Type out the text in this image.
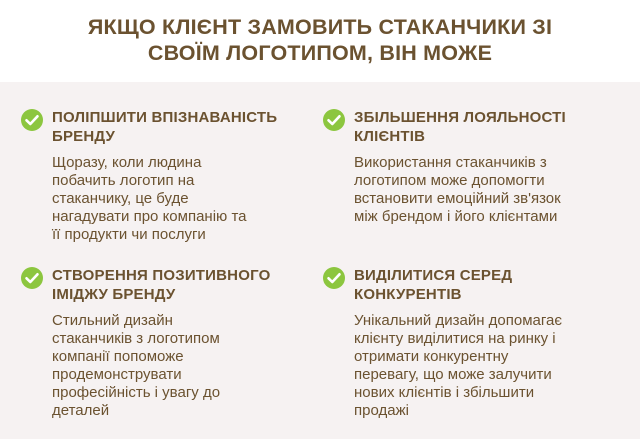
ЯКЩО КЛІЄНТ ЗАМОВИТЬ СТАКАНЧИКИ ЗІ
СВОЇМ ЛОГОТИПОМ, ВІН МОЖЕ
ПОЛІПШИТИ ВПІЗНАВАНІСТЬ
БРЕНДУ
Щоразу, коли людина
побачить логотип на
стаканчику, це буде
нагадувати про компанію та
її продукти чи послуги
ЗБІЛЬШЕННЯ ЛОЯЛЬНОСТІ
КЛІЄНТІВ
Використання стаканчиків з
логотипом може допомогти
встановити емоційний зв'язок
між брендом і його клієнтами
СТВОРЕННЯ ПОЗИТИВНОГО
ІМІДЖУ БРЕНДУ
Стильний дизайн
стаканчиків з логотипом
компанії попоможе
продемонструвати
професійність і увагу до
деталей
ВИДІЛИТИСЯ СЕРЕД
КОНКУРЕНТІВ
Унікальний дизайн допомагає
клієнту виділитися на ринку і
отримати конкурентну
перевагу, що може залучити
нових клієнтів і збільшити
продажі
